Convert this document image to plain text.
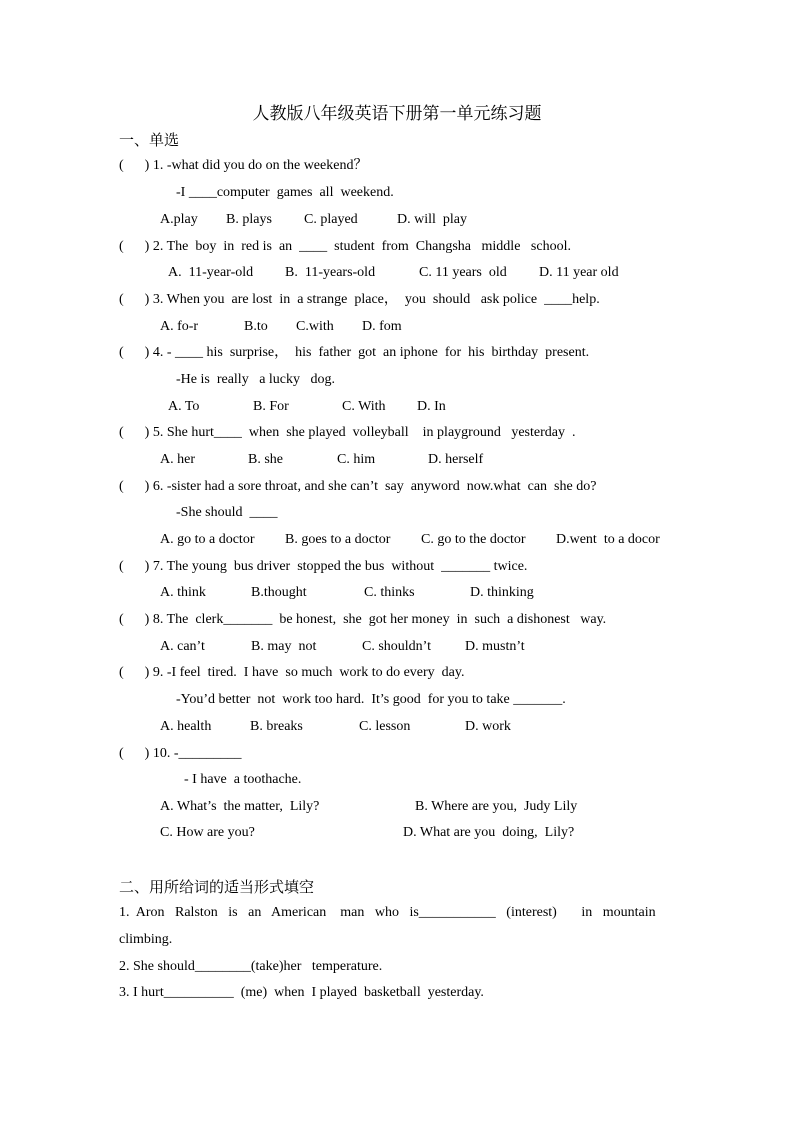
人教版八年级英语下册第一单元练习题
一、单选
(      ) 1. -what did you do on the weekend？
-I ____computer  games  all  weekend.
A.play B. plays C. played	D. will  play
(      ) 2. The  boy  in  red is  an  ____  student  from  Changsha   middle   school.
A.  11-year-old B.  11-years-old	C. 11 years  old D. 11 year old
(      ) 3. When you  are lost  in  a strange  place，  you  should   ask police  ____help.
A. fo-r	B.to C.with D. fom
(      ) 4. - ____ his  surprise，  his  father  got  an iphone  for  his  birthday  present.
-He is  really   a lucky   dog.
A. To	B. For	C. With D. In
(      ) 5. She hurt____  when  she played  volleyball    in playground   yesterday  .
A. her	B. she	C. him	D. herself
(      ) 6. -sister had a sore throat, and she can’t  say  anyword  now.what  can  she do?
-She should  ____
A. go to a doctor B. goes to a doctor C. go to the doctor D.went  to a docor
(      ) 7. The young  bus driver  stopped the bus  without  _______ twice.
A. think	B.thought	C. thinks	D. thinking
(      ) 8. The  clerk_______  be honest,  she  got her money  in  such  a dishonest   way.
A. can’t	B. may  not	C. shouldn’t D. mustn’t
(      ) 9. -I feel  tired.  I have  so much  work to do every  day.
-You’d better  not  work too hard.  It’s good  for you to take _______.
A. health	B. breaks	C. lesson	D. work
(      ) 10. -_________
- I have  a toothache.
A. What’s  the matter,  Lily?	B. Where are you,  Judy Lily
C. How are you?	D. What are you  doing,  Lily?
二、用所给词的适当形式填空
1.  Aron   Ralston   is   an   American    man   who   is___________   (interest)       in   mountain
climbing.
2. She should________(take)her   temperature.
3. I hurt__________  (me)  when  I played  basketball  yesterday.
